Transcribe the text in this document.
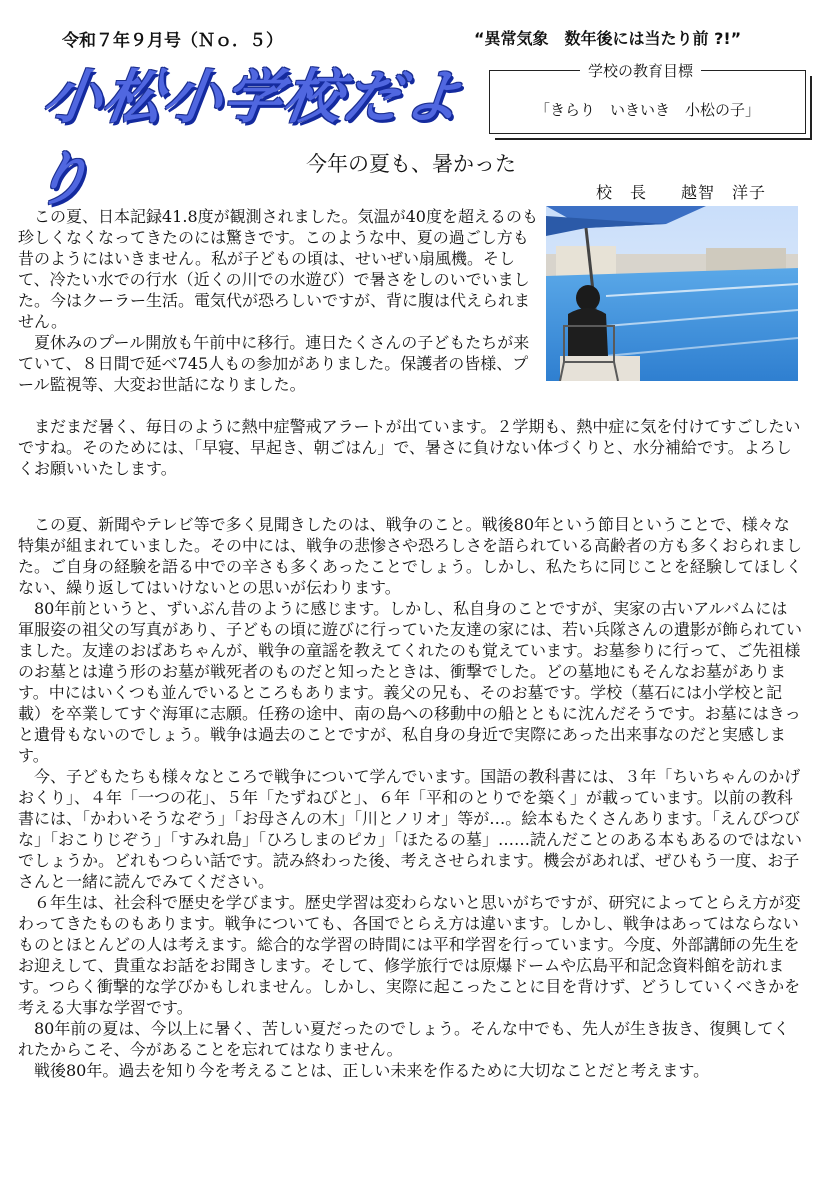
令和７年９月号（Ｎｏ．５）	“異常気象　数年後には当たり前 ?!”
小松小学校だより
学校の教育目標
「きらり　いきいき　小松の子」
今年の夏も、暑かった
校　長　　越智　洋子

この夏、日本記録41.8度が観測されました。気温が40度を超えるのも珍しくなくなってきたのには驚きです。このような中、夏の過ごし方も昔のようにはいきません。私が子どもの頃は、せいぜい扇風機。そして、冷たい水での行水（近くの川での水遊び）で暑さをしのいでいました。今はクーラー生活。電気代が恐ろしいですが、背に腹は代えられません。

夏休みのプール開放も午前中に移行。連日たくさんの子どもたちが来ていて、８日間で延べ745人もの参加がありました。保護者の皆様、プール監視等、大変お世話になりました。

まだまだ暑く、毎日のように熱中症警戒アラートが出ています。２学期も、熱中症に気を付けてすごしたいですね。そのためには、「早寝、早起き、朝ごはん」で、暑さに負けない体づくりと、水分補給です。よろしくお願いいたします。

この夏、新聞やテレビ等で多く見聞きしたのは、戦争のこと。戦後80年という節目ということで、様々な特集が組まれていました。その中には、戦争の悲惨さや恐ろしさを語られている高齢者の方も多くおられました。ご自身の経験を語る中での辛さも多くあったことでしょう。しかし、私たちに同じことを経験してほしくない、繰り返してはいけないとの思いが伝わります。

80年前というと、ずいぶん昔のように感じます。しかし、私自身のことですが、実家の古いアルバムには軍服姿の祖父の写真があり、子どもの頃に遊びに行っていた友達の家には、若い兵隊さんの遺影が飾られていました。友達のおばあちゃんが、戦争の童謡を教えてくれたのも覚えています。お墓参りに行って、ご先祖様のお墓とは違う形のお墓が戦死者のものだと知ったときは、衝撃でした。どの墓地にもそんなお墓があります。中にはいくつも並んでいるところもあります。義父の兄も、そのお墓です。学校（墓石には小学校と記載）を卒業してすぐ海軍に志願。任務の途中、南の島への移動中の船とともに沈んだそうです。お墓にはきっと遺骨もないのでしょう。戦争は過去のことですが、私自身の身近で実際にあった出来事なのだと実感します。

今、子どもたちも様々なところで戦争について学んでいます。国語の教科書には、３年「ちいちゃんのかげおくり」、４年「一つの花」、５年「たずねびと」、６年「平和のとりでを築く」が載っています。以前の教科書には、「かわいそうなぞう」「お母さんの木」「川とノリオ」等が…。絵本もたくさんあります。「えんぴつびな」「おこりじぞう」「すみれ島」「ひろしまのピカ」「ほたるの墓」……読んだことのある本もあるのではないでしょうか。どれもつらい話です。読み終わった後、考えさせられます。機会があれば、ぜひもう一度、お子さんと一緒に読んでみてください。

６年生は、社会科で歴史を学びます。歴史学習は変わらないと思いがちですが、研究によってとらえ方が変わってきたものもあります。戦争についても、各国でとらえ方は違います。しかし、戦争はあってはならないものとほとんどの人は考えます。総合的な学習の時間には平和学習を行っています。今度、外部講師の先生をお迎えして、貴重なお話をお聞きします。そして、修学旅行では原爆ドームや広島平和記念資料館を訪れます。つらく衝撃的な学びかもしれません。しかし、実際に起こったことに目を背けず、どうしていくべきかを考える大事な学習です。

80年前の夏は、今以上に暑く、苦しい夏だったのでしょう。そんな中でも、先人が生き抜き、復興してくれたからこそ、今があることを忘れてはなりません。

戦後80年。過去を知り今を考えることは、正しい未来を作るために大切なことだと考えます。
